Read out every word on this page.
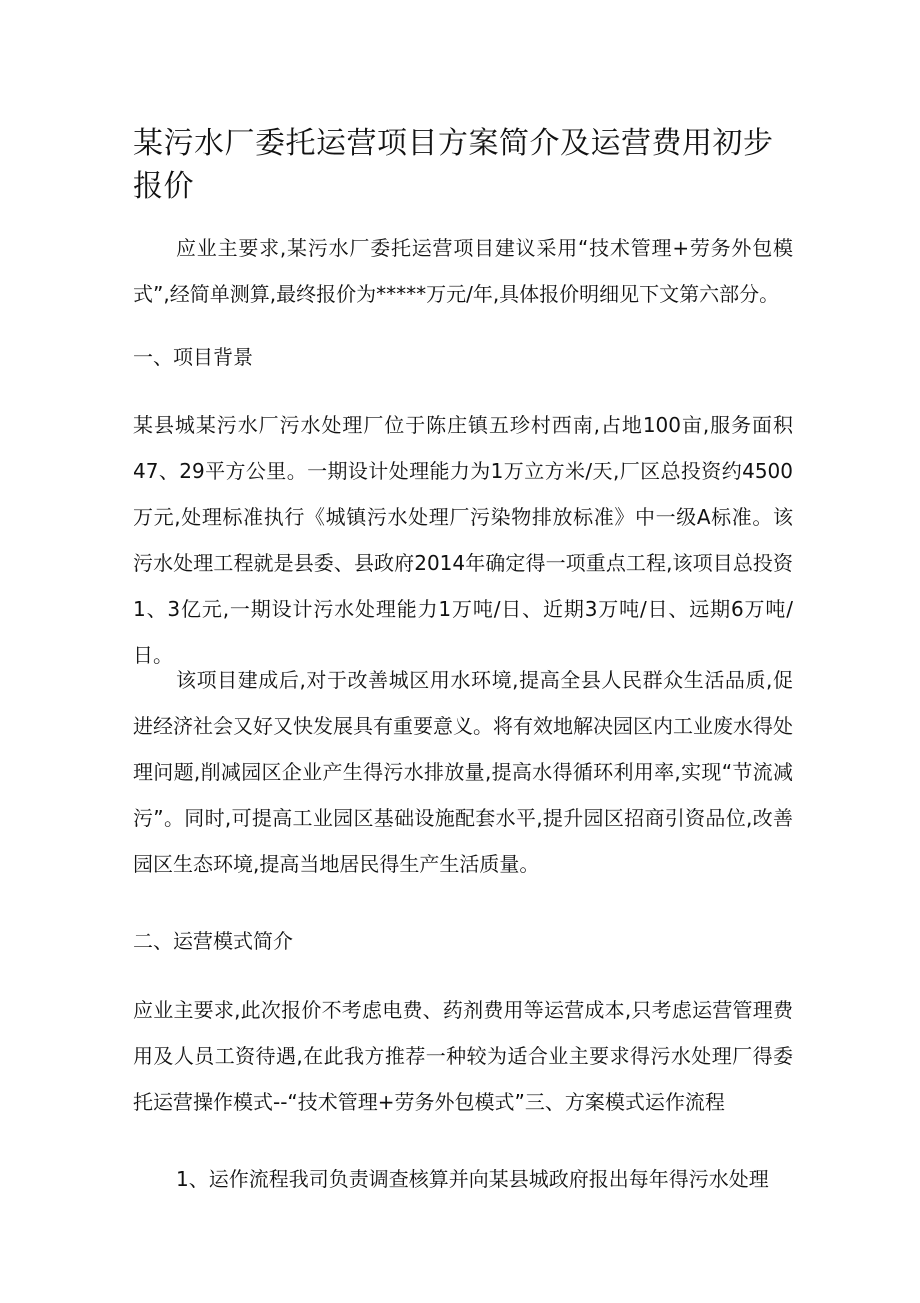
某污水厂委托运营项目方案简介及运营费用初步报价

应业主要求,某污水厂委托运营项目建议采用“技术管理+劳务外包模式”,经简单测算,最终报价为*****万元/年,具体报价明细见下文第六部分。

一、项目背景

某县城某污水厂污水处理厂位于陈庄镇五珍村西南,占地100亩,服务面积47、29平方公里。一期设计处理能力为1万立方米/天,厂区总投资约4500万元,处理标准执行《城镇污水处理厂污染物排放标准》中一级A标准。该污水处理工程就是县委、县政府2014年确定得一项重点工程,该项目总投资1、3亿元,一期设计污水处理能力1万吨/日、近期3万吨/日、远期6万吨/日。

该项目建成后,对于改善城区用水环境,提高全县人民群众生活品质,促进经济社会又好又快发展具有重要意义。将有效地解决园区内工业废水得处理问题,削减园区企业产生得污水排放量,提高水得循环利用率,实现“节流减污”。同时,可提高工业园区基础设施配套水平,提升园区招商引资品位,改善园区生态环境,提高当地居民得生产生活质量。

二、运营模式简介

应业主要求,此次报价不考虑电费、药剂费用等运营成本,只考虑运营管理费用及人员工资待遇,在此我方推荐一种较为适合业主要求得污水处理厂得委托运营操作模式--“技术管理+劳务外包模式”三、方案模式运作流程

1、运作流程我司负责调查核算并向某县城政府报出每年得污水处理
